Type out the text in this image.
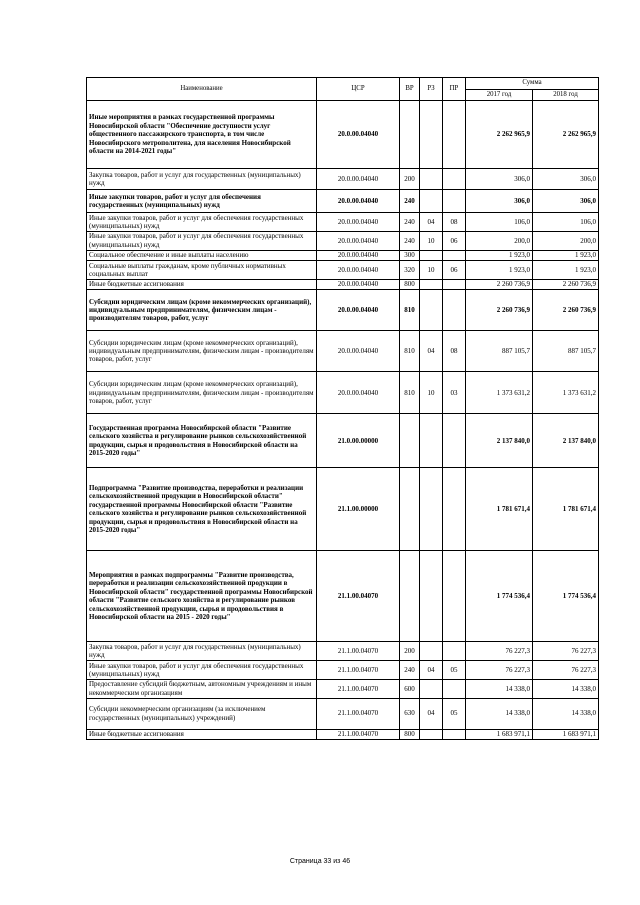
Наименование	ЦСР	ВР	РЗ	ПР	Сумма	
					2017 год	2018 год
Иные мероприятия в рамках государственной программы Новосибирской области "Обеспечение доступности услуг общественного пассажирского транспорта, в том числе Новосибирского метрополитена, для населения Новосибирской области на 2014-2021 годы"	20.0.00.04040				2 262 965,9	2 262 965,9
Закупка товаров, работ и услуг для государственных (муниципальных) нужд	20.0.00.04040	200			306,0	306,0
Иные закупки товаров, работ и услуг для обеспечения государственных (муниципальных) нужд	20.0.00.04040	240			306,0	306,0
Иные закупки товаров, работ и услуг для обеспечения государственных (муниципальных) нужд	20.0.00.04040	240	04	08	106,0	106,0
Иные закупки товаров, работ и услуг для обеспечения государственных (муниципальных) нужд	20.0.00.04040	240	10	06	200,0	200,0
Социальное обеспечение и иные выплаты населению	20.0.00.04040	300			1 923,0	1 923,0
Социальные выплаты гражданам, кроме публичных нормативных социальных выплат	20.0.00.04040	320	10	06	1 923,0	1 923,0
Иные бюджетные ассигнования	20.0.00.04040	800			2 260 736,9	2 260 736,9
Субсидии юридическим лицам (кроме некоммерческих организаций), индивидуальным предпринимателям, физическим лицам - производителям товаров, работ, услуг	20.0.00.04040	810			2 260 736,9	2 260 736,9
Субсидии юридическим лицам (кроме некоммерческих организаций), индивидуальным предпринимателям, физическим лицам - производителям товаров, работ, услуг	20.0.00.04040	810	04	08	887 105,7	887 105,7
Субсидии юридическим лицам (кроме некоммерческих организаций), индивидуальным предпринимателям, физическим лицам - производителям товаров, работ, услуг	20.0.00.04040	810	10	03	1 373 631,2	1 373 631,2
Государственная программа Новосибирской области "Развитие сельского хозяйства и регулирование рынков сельскохозяйственной продукции, сырья и продовольствия в Новосибирской области на 2015-2020 годы"	21.0.00.00000				2 137 840,0	2 137 840,0
Подпрограмма "Развитие производства, переработки и реализации сельскохозяйственной продукции в Новосибирской области" государственной программы Новосибирской области "Развитие сельского хозяйства и регулирование рынков сельскохозяйственной продукции, сырья и продовольствия в Новосибирской области на 2015-2020 годы"	21.1.00.00000				1 781 671,4	1 781 671,4
Мероприятия в рамках подпрограммы "Развитие производства, переработки и реализации сельскохозяйственной продукции в Новосибирской области" государственной программы Новосибирской области "Развитие сельского хозяйства и регулирование рынков сельскохозяйственной продукции, сырья и продовольствия в Новосибирской области на 2015 - 2020 годы"	21.1.00.04070				1 774 536,4	1 774 536,4
Закупка товаров, работ и услуг для государственных (муниципальных) нужд	21.1.00.04070	200			76 227,3	76 227,3
Иные закупки товаров, работ и услуг для обеспечения государственных (муниципальных) нужд	21.1.00.04070	240	04	05	76 227,3	76 227,3
Предоставление субсидий бюджетным, автономным учреждениям и иным некоммерческим организациям	21.1.00.04070	600			14 338,0	14 338,0
Субсидии некоммерческим организациям (за исключением государственных (муниципальных) учреждений)	21.1.00.04070	630	04	05	14 338,0	14 338,0
Иные бюджетные ассигнования	21.1.00.04070	800			1 683 971,1	1 683 971,1
Страница 33 из 46
